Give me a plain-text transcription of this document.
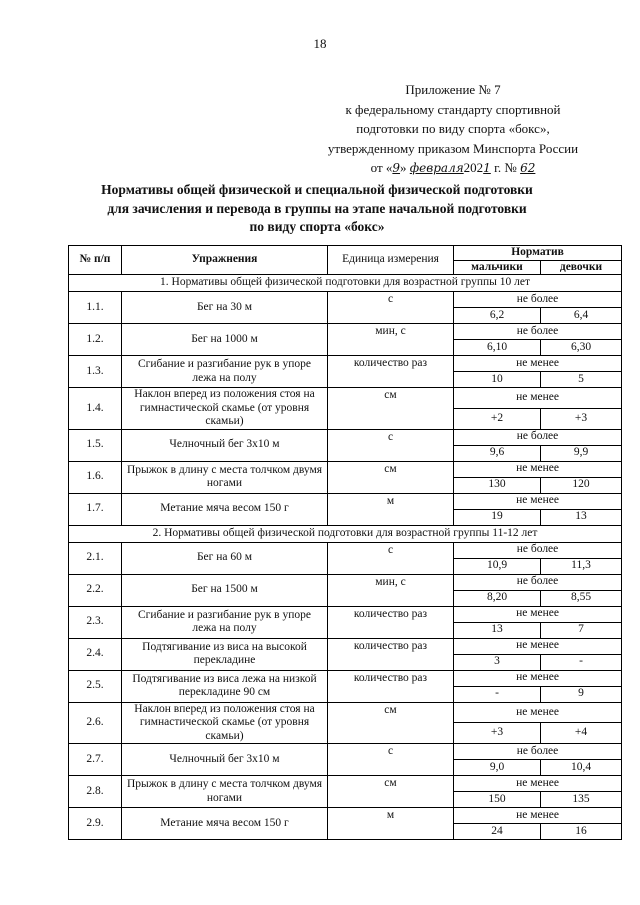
18
Приложение № 7
к федеральному стандарту спортивной
подготовки по виду спорта «бокс»,
утвержденному приказом Минспорта России
от «9» февраля2021 г. № 62
Нормативы общей физической и специальной физической подготовки
для зачисления и перевода в группы на этапе начальной подготовки
по виду спорта «бокс»
№ п/п	Упражнения	Единица измерения	Норматив	
			мальчики	девочки
1. Нормативы общей физической подготовки для возрастной группы 10 лет				
1.1.	Бег на 30 м	с	не более	
			6,2	6,4
1.2.	Бег на 1000 м	мин, с	не более	
			6,10	6,30
1.3.	Сгибание и разгибание рук в упоре лежа на полу	количество раз	не менее	
			10	5
1.4.	Наклон вперед из положения стоя на гимнастической скамье (от уровня скамьи)	см	не менее	
			+2	+3
1.5.	Челночный бег 3х10 м	с	не более	
			9,6	9,9
1.6.	Прыжок в длину с места толчком двумя ногами	см	не менее	
			130	120
1.7.	Метание мяча весом 150 г	м	не менее	
			19	13
2. Нормативы общей физической подготовки для возрастной группы 11-12 лет				
2.1.	Бег на 60 м	с	не более	
			10,9	11,3
2.2.	Бег на 1500 м	мин, с	не более	
			8,20	8,55
2.3.	Сгибание и разгибание рук в упоре лежа на полу	количество раз	не менее	
			13	7
2.4.	Подтягивание из виса на высокой перекладине	количество раз	не менее	
			3	-
2.5.	Подтягивание из виса лежа на низкой перекладине 90 см	количество раз	не менее	
			-	9
2.6.	Наклон вперед из положения стоя на гимнастической скамье (от уровня скамьи)	см	не менее	
			+3	+4
2.7.	Челночный бег 3х10 м	с	не более	
			9,0	10,4
2.8.	Прыжок в длину с места толчком двумя ногами	см	не менее	
			150	135
2.9.	Метание мяча весом 150 г	м	не менее	
			24	16
